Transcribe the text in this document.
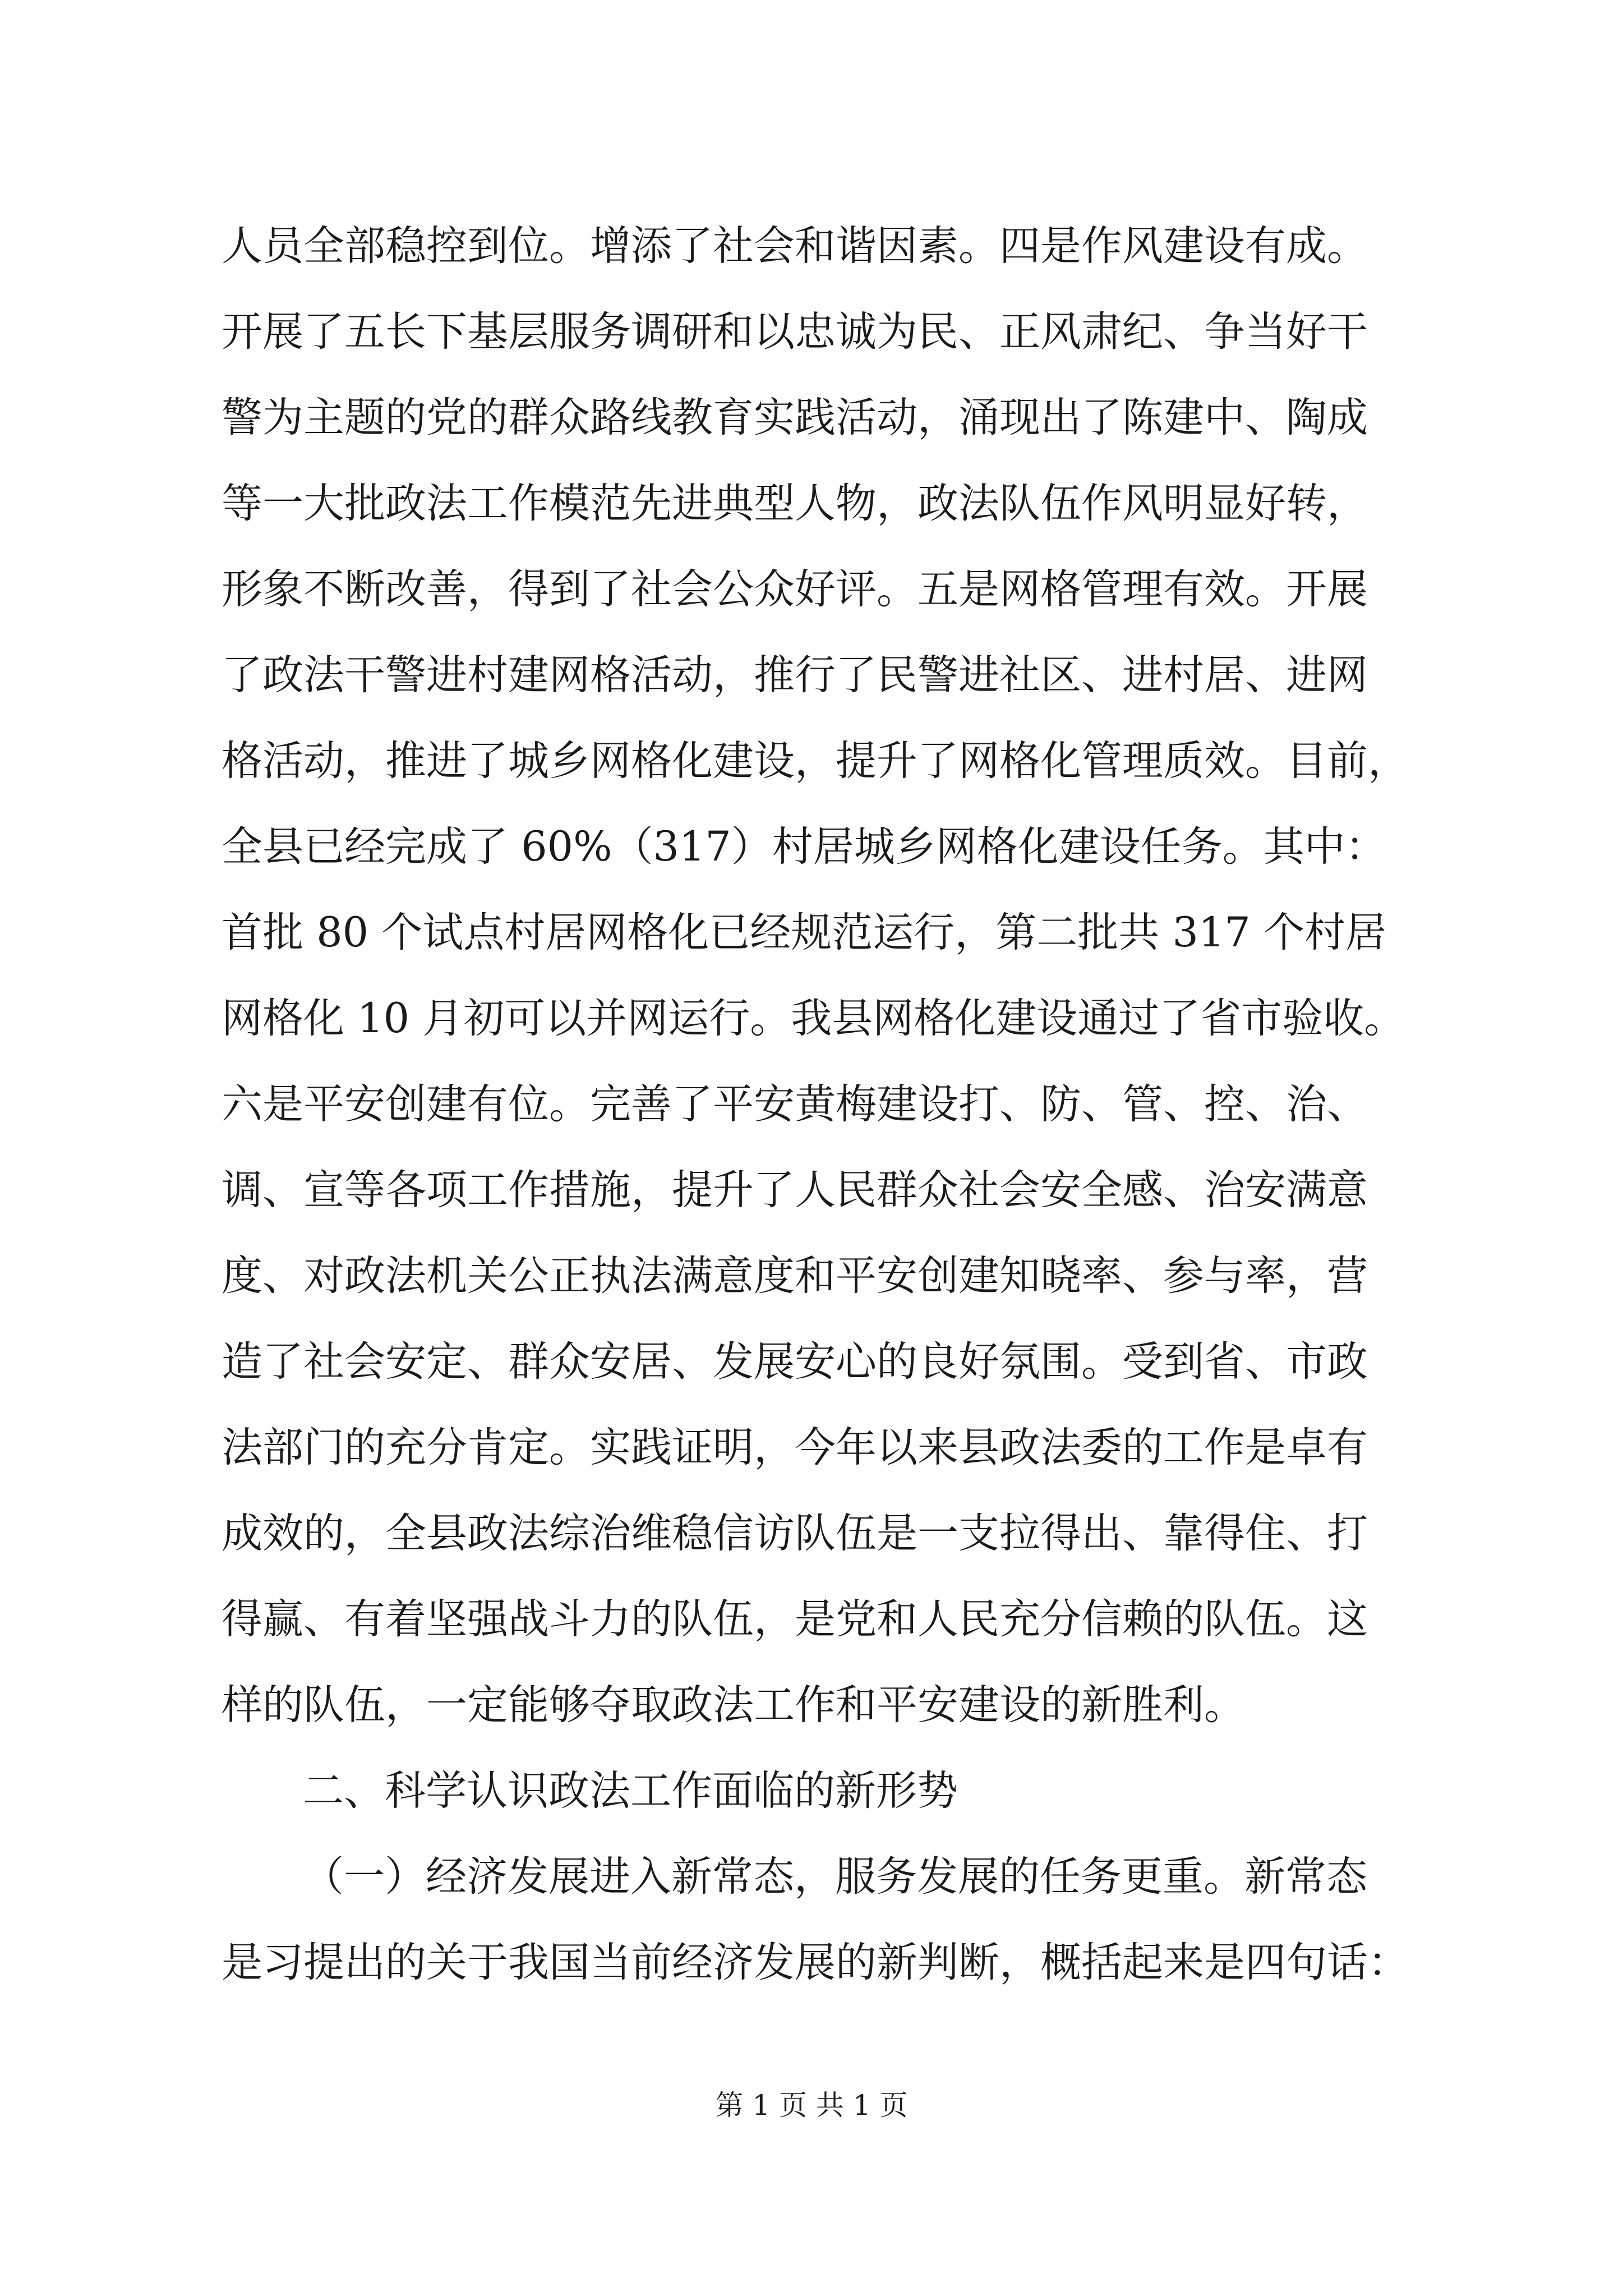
人员全部稳控到位。增添了社会和谐因素。四是作风建设有成。
开展了五长下基层服务调研和以忠诚为民、正风肃纪、争当好干
警为主题的党的群众路线教育实践活动，涌现出了陈建中、陶成
等一大批政法工作模范先进典型人物，政法队伍作风明显好转，
形象不断改善，得到了社会公众好评。五是网格管理有效。开展
了政法干警进村建网格活动，推行了民警进社区、进村居、进网
格活动，推进了城乡网格化建设，提升了网格化管理质效。目前，
全县已经完成了 60%（317）村居城乡网格化建设任务。其中：
首批 80 个试点村居网格化已经规范运行，第二批共 317 个村居
网格化 10 月初可以并网运行。我县网格化建设通过了省市验收。
六是平安创建有位。完善了平安黄梅建设打、防、管、控、治、
调、宣等各项工作措施，提升了人民群众社会安全感、治安满意
度、对政法机关公正执法满意度和平安创建知晓率、参与率，营
造了社会安定、群众安居、发展安心的良好氛围。受到省、市政
法部门的充分肯定。实践证明，今年以来县政法委的工作是卓有
成效的，全县政法综治维稳信访队伍是一支拉得出、靠得住、打
得赢、有着坚强战斗力的队伍，是党和人民充分信赖的队伍。这
样的队伍，一定能够夺取政法工作和平安建设的新胜利。
二、科学认识政法工作面临的新形势
（一）经济发展进入新常态，服务发展的任务更重。新常态
是习提出的关于我国当前经济发展的新判断，概括起来是四句话：
第 1 页 共 1 页
